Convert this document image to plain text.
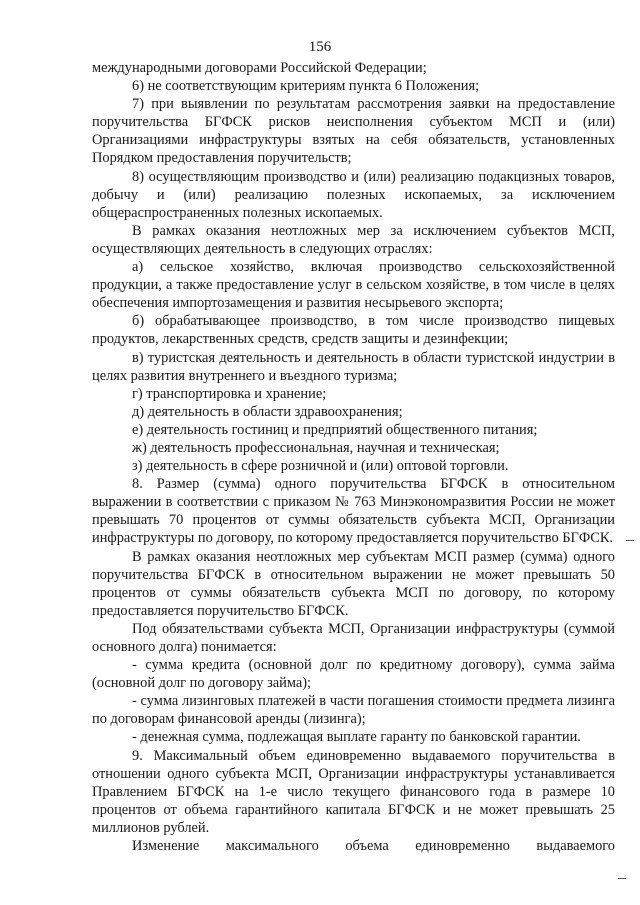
156

международными договорами Российской Федерации;

6) не соответствующим критериям пункта 6 Положения;

7) при выявлении по результатам рассмотрения заявки на предоставление поручительства БГФСК рисков неисполнения субъектом МСП и (или) Организациями инфраструктуры взятых на себя обязательств, установленных Порядком предоставления поручительств;

8) осуществляющим производство и (или) реализацию подакцизных товаров, добычу и (или) реализацию полезных ископаемых, за исключением общераспространенных полезных ископаемых.

В рамках оказания неотложных мер за исключением субъектов МСП, осуществляющих деятельность в следующих отраслях:

а) сельское хозяйство, включая производство сельскохозяйственной продукции, а также предоставление услуг в сельском хозяйстве, в том числе в целях обеспечения импортозамещения и развития несырьевого экспорта;

б) обрабатывающее производство, в том числе производство пищевых продуктов, лекарственных средств, средств защиты и дезинфекции;

в) туристская деятельность и деятельность в области туристской индустрии в целях развития внутреннего и въездного туризма;

г) транспортировка и хранение;

д) деятельность в области здравоохранения;

е) деятельность гостиниц и предприятий общественного питания;

ж) деятельность профессиональная, научная и техническая;

з) деятельность в сфере розничной и (или) оптовой торговли.

8. Размер (сумма) одного поручительства БГФСК в относительном выражении в соответствии с приказом № 763 Минэкономразвития России не может превышать 70 процентов от суммы обязательств субъекта МСП, Организации инфраструктуры по договору, по которому предоставляется поручительство БГФСК.

В рамках оказания неотложных мер субъектам МСП размер (сумма) одного поручительства БГФСК в относительном выражении не может превышать 50 процентов от суммы обязательств субъекта МСП по договору, по которому предоставляется поручительство БГФСК.

Под обязательствами субъекта МСП, Организации инфраструктуры (суммой основного долга) понимается:

- сумма кредита (основной долг по кредитному договору), сумма займа (основной долг по договору займа);

- сумма лизинговых платежей в части погашения стоимости предмета лизинга по договорам финансовой аренды (лизинга);

- денежная сумма, подлежащая выплате гаранту по банковской гарантии.

9. Максимальный объем единовременно выдаваемого поручительства в отношении одного субъекта МСП, Организации инфраструктуры устанавливается Правлением БГФСК на 1-е число текущего финансового года в размере 10 процентов от объема гарантийного капитала БГФСК и не может превышать 25 миллионов рублей.

Изменение максимального объема единовременно выдаваемого
